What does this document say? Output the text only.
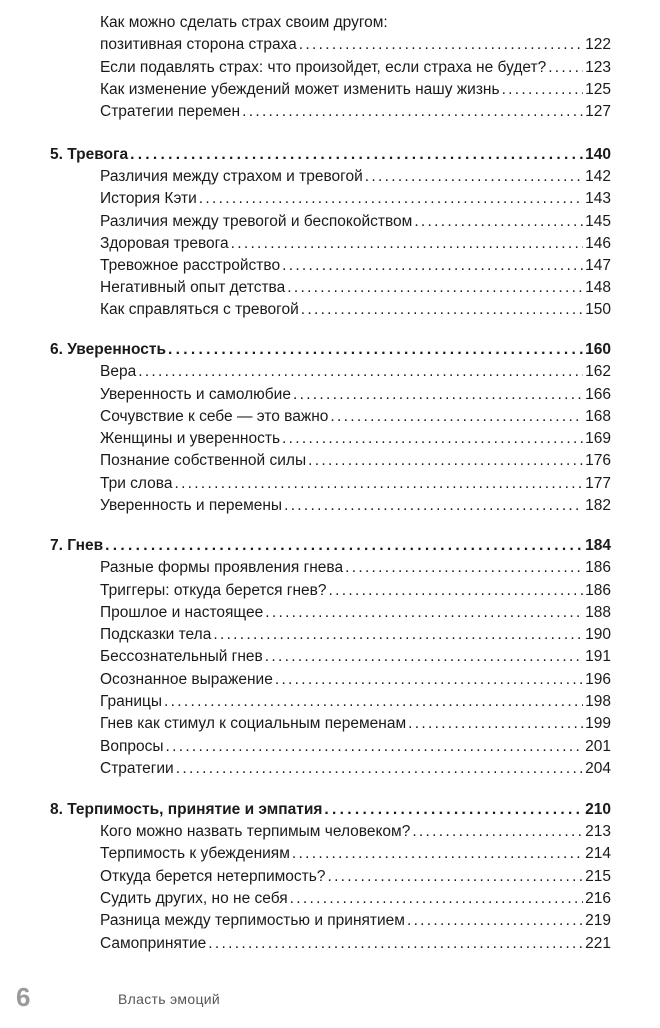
Как можно сделать страх своим другом:
позитивная сторона страха . . .	122
Если подавлять страх: что произойдет, если страха не будет? . . .	123
Как изменение убеждений может изменить нашу жизнь . . .	125
Стратегии перемен . . .	127
5. Тревога . . .	140
Различия между страхом и тревогой . . .	142
История Кэти . . .	143
Различия между тревогой и беспокойством . . .	145
Здоровая тревога . . .	146
Тревожное расстройство . . .	147
Негативный опыт детства . . .	148
Как справляться с тревогой . . .	150
6. Уверенность . . .	160
Вера . . .	162
Уверенность и самолюбие . . .	166
Сочувствие к себе — это важно . . .	168
Женщины и уверенность . . .	169
Познание собственной силы . . .	176
Три слова . . .	177
Уверенность и перемены . . .	182
7. Гнев . . .	184
Разные формы проявления гнева . . .	186
Триггеры: откуда берется гнев? . . .	186
Прошлое и настоящее . . .	188
Подсказки тела . . .	190
Бессознательный гнев . . .	191
Осознанное выражение . . .	196
Границы . . .	198
Гнев как стимул к социальным переменам . . .	199
Вопросы . . .	201
Стратегии . . .	204
8. Терпимость, принятие и эмпатия . . .	210
Кого можно назвать терпимым человеком? . . .	213
Терпимость к убеждениям . . .	214
Откуда берется нетерпимость? . . .	215
Судить других, но не себя . . .	216
Разница между терпимостью и принятием . . .	219
Самопринятие . . .	221
6	Власть эмоций
